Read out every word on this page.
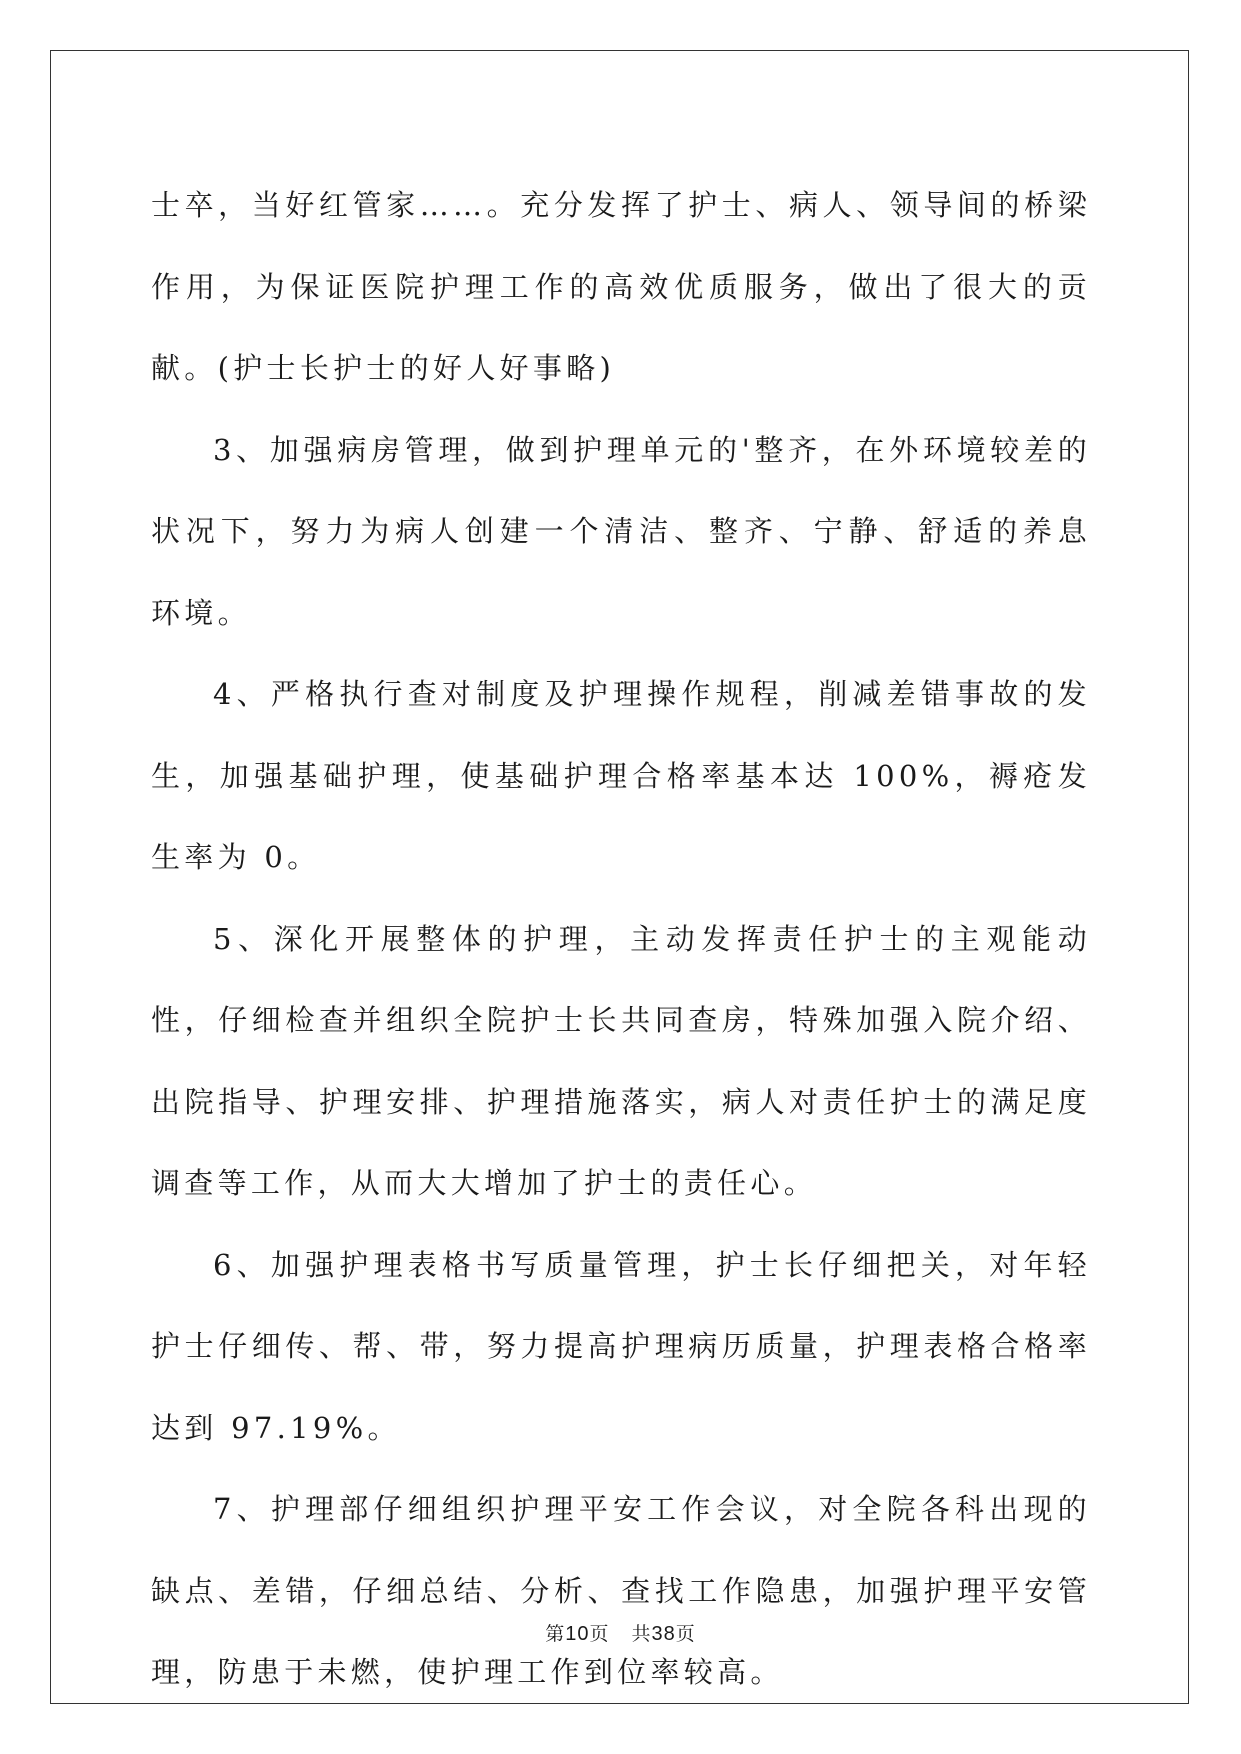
士卒，当好红管家……。充分发挥了护士、病人、领导间的桥梁作用，为保证医院护理工作的高效优质服务，做出了很大的贡献。(护士长护士的好人好事略)

3、加强病房管理，做到护理单元的'整齐，在外环境较差的状况下，努力为病人创建一个清洁、整齐、宁静、舒适的养息 环境。

4、严格执行查对制度及护理操作规程，削减差错事故的发生，加强基础护理，使基础护理合格率基本达 100%，褥疮发生率为 0。

5、深化开展整体的护理，主动发挥责任护士的主观能动性，仔细检查并组织全院护士长共同查房，特殊加强入院介绍、出院指导、护理安排、护理措施落实，病人对责任护士的满足度调查等工作，从而大大增加了护士的责任心。

6、加强护理表格书写质量管理，护士长仔细把关，对年轻护士仔细传、帮、带，努力提高护理病历质量，护理表格合格率达到 97.19%。

7、护理部仔细组织护理平安工作会议，对全院各科出现的缺点、差错，仔细总结、分析、查找工作隐患，加强护理平安管理，防患于未燃，使护理工作到位率较高。

第10页 共38页
